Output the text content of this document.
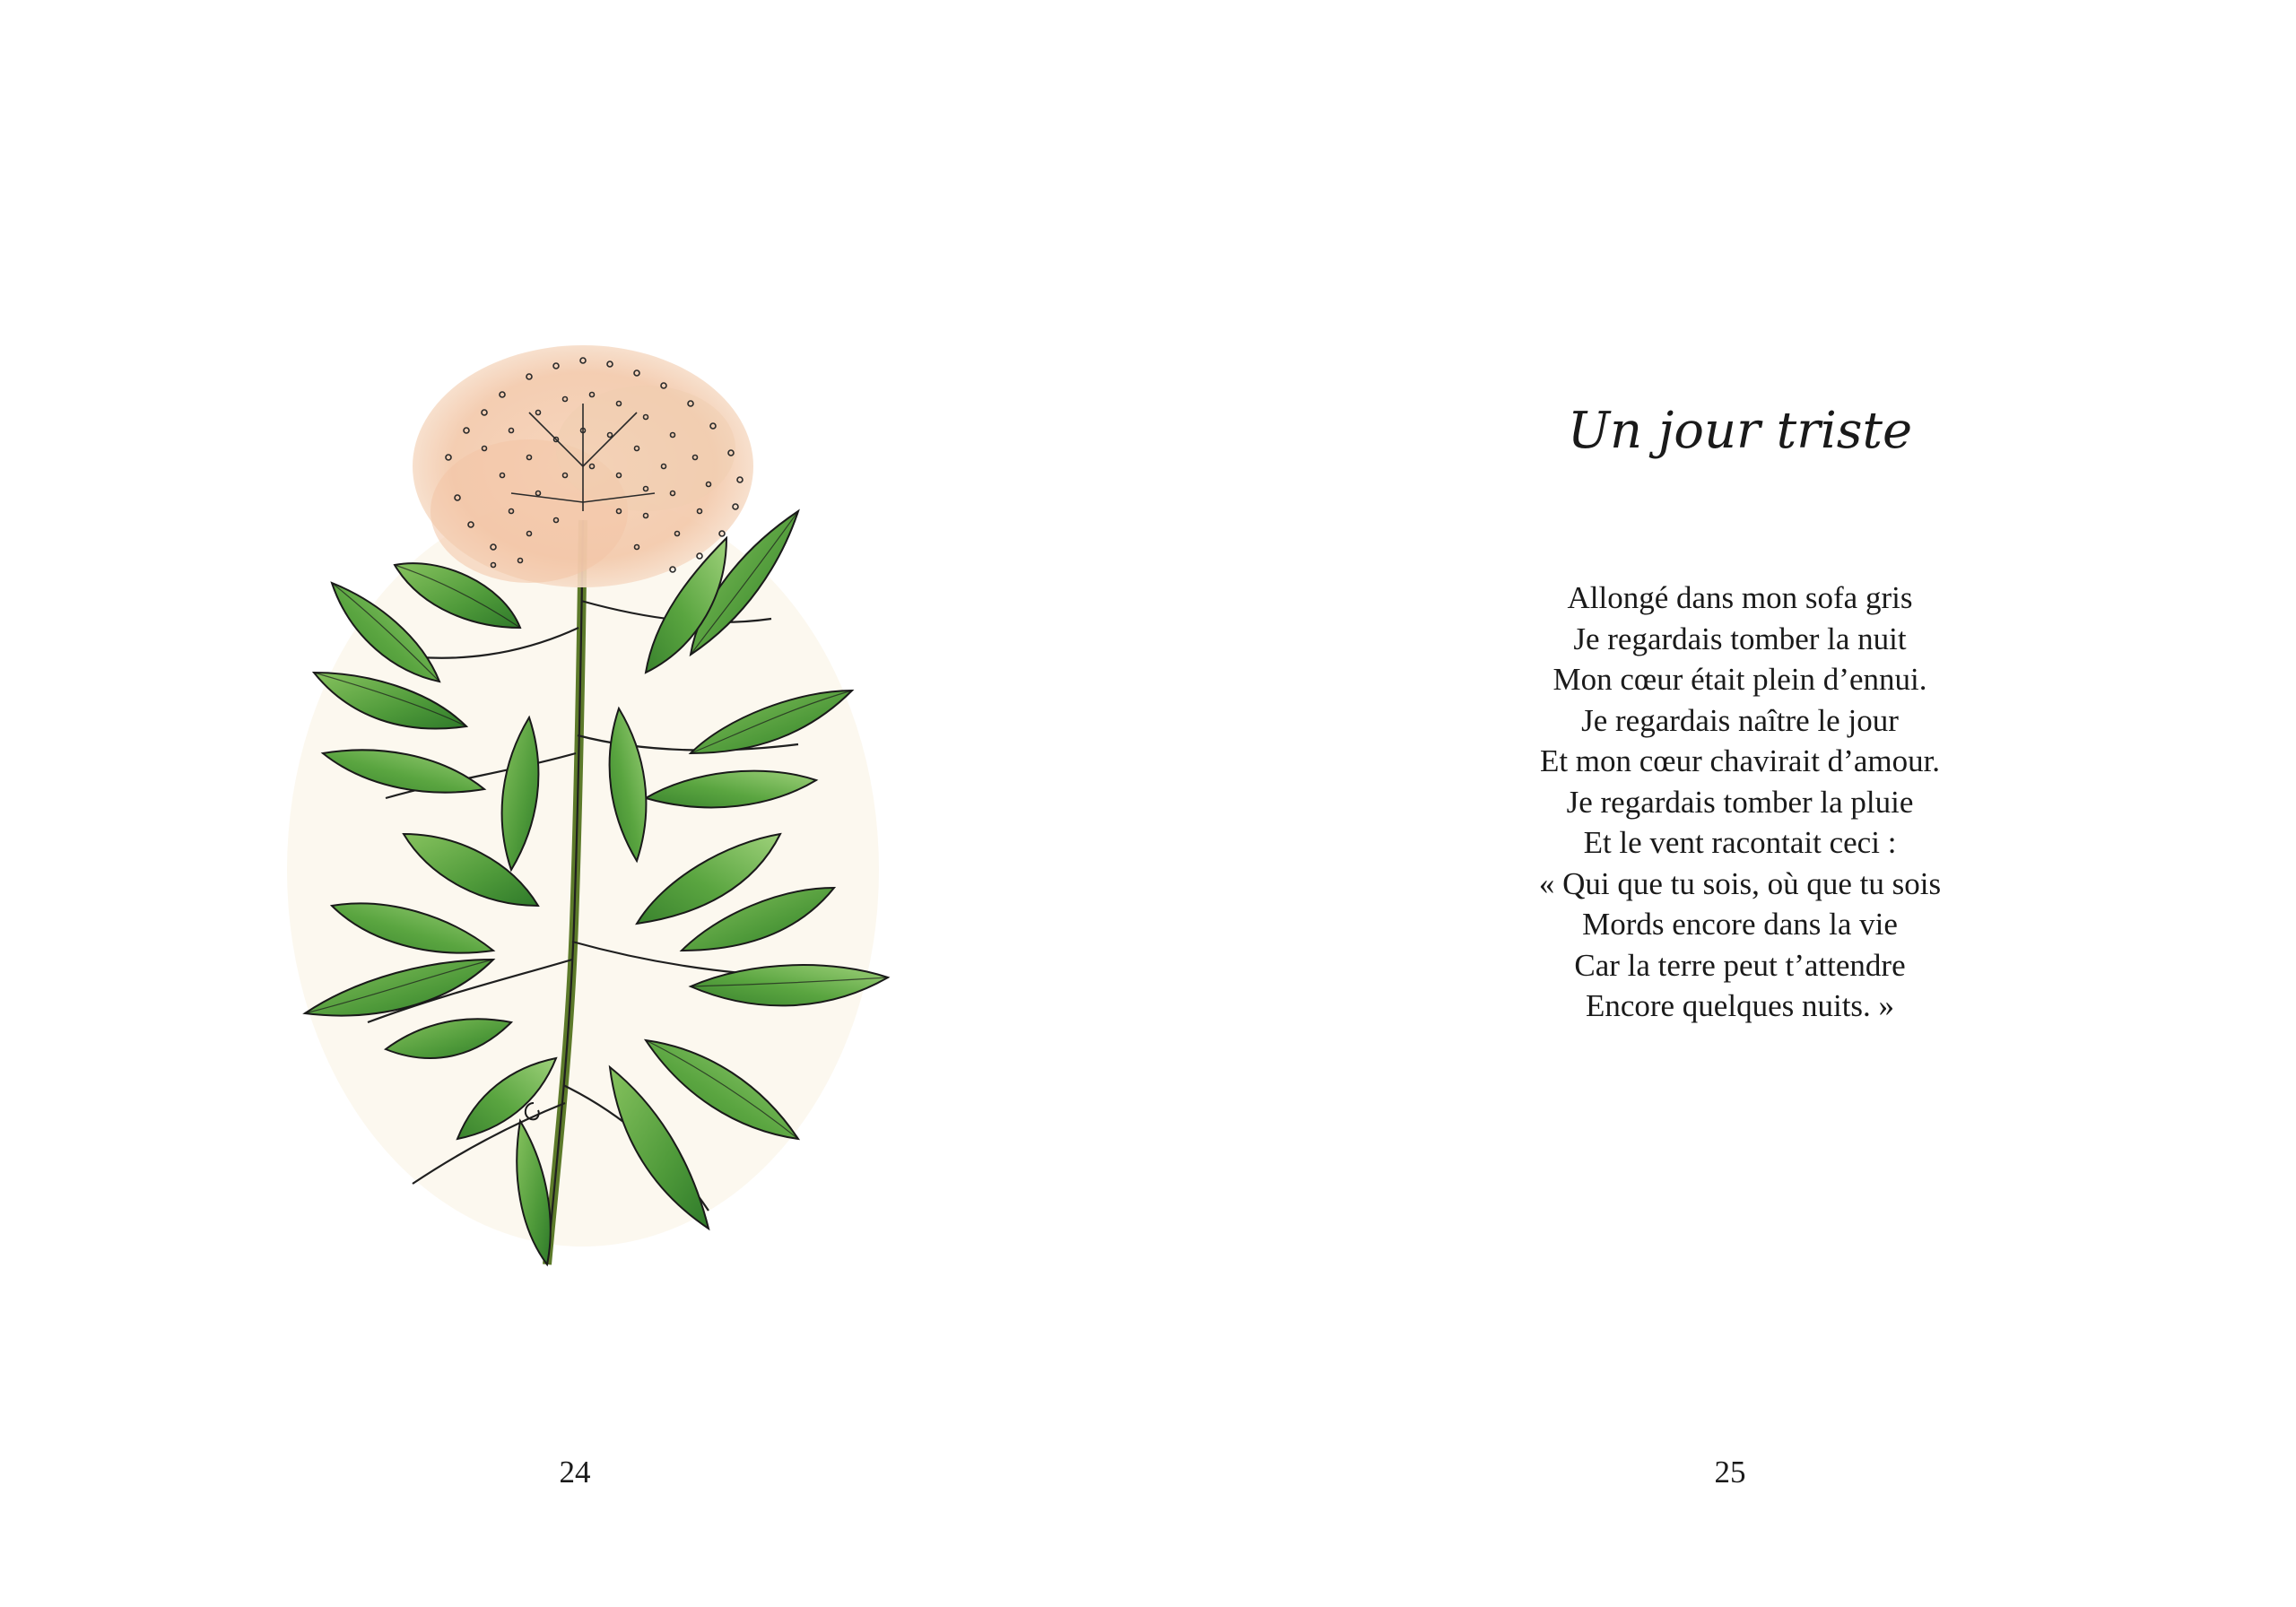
24	25
Un jour triste
Allongé dans mon sofa gris
Je regardais tomber la nuit
Mon cœur était plein d’ennui.
Je regardais naître le jour
Et mon cœur chavirait d’amour.
Je regardais tomber la pluie
Et le vent racontait ceci :
« Qui que tu sois, où que tu sois
Mords encore dans la vie
Car la terre peut t’attendre
Encore quelques nuits. »
